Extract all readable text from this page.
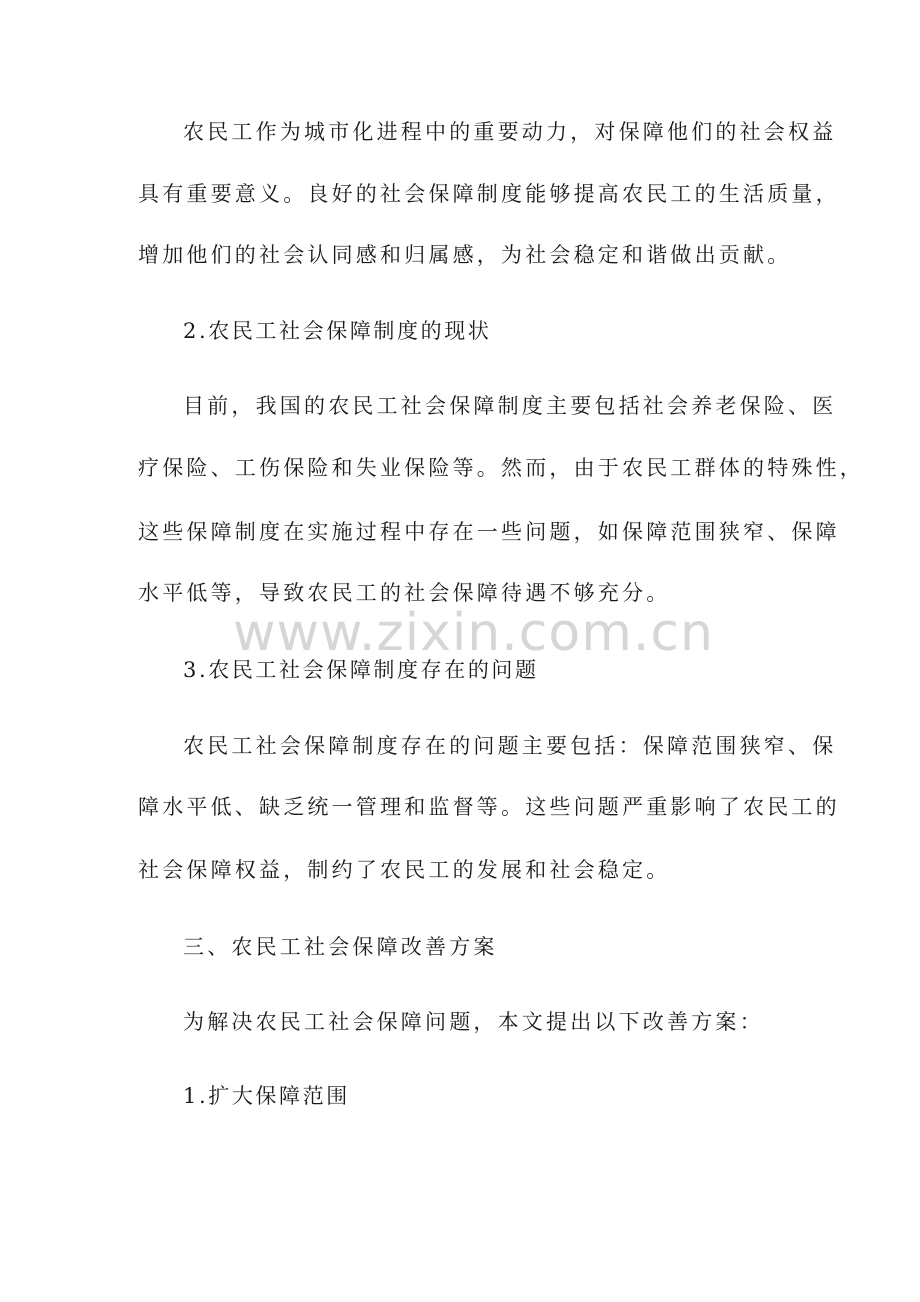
农民工作为城市化进程中的重要动力，对保障他们的社会权益
具有重要意义。良好的社会保障制度能够提高农民工的生活质量，
增加他们的社会认同感和归属感，为社会稳定和谐做出贡献。
2.农民工社会保障制度的现状
目前，我国的农民工社会保障制度主要包括社会养老保险、医
疗保险、工伤保险和失业保险等。然而，由于农民工群体的特殊性，
这些保障制度在实施过程中存在一些问题，如保障范围狭窄、保障
水平低等，导致农民工的社会保障待遇不够充分。
www.zixin.com.cn
3.农民工社会保障制度存在的问题
农民工社会保障制度存在的问题主要包括：保障范围狭窄、保
障水平低、缺乏统一管理和监督等。这些问题严重影响了农民工的
社会保障权益，制约了农民工的发展和社会稳定。
三、农民工社会保障改善方案
为解决农民工社会保障问题，本文提出以下改善方案：
1.扩大保障范围
